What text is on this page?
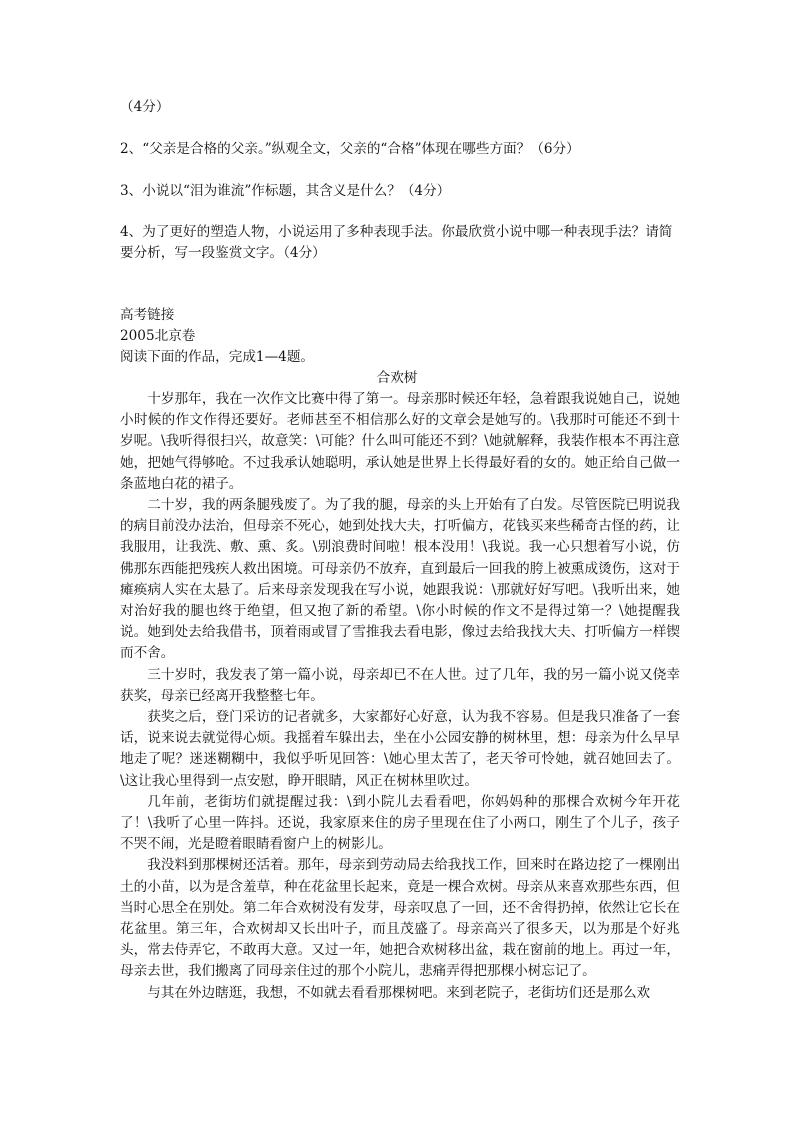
（4分）

2、“父亲是合格的父亲。”纵观全文，父亲的“合格”体现在哪些方面？（6分）

3、小说以“泪为谁流”作标题，其含义是什么？（4分）

4、为了更好的塑造人物，小说运用了多种表现手法。你最欣赏小说中哪一种表现手法？请简要分析，写一段鉴赏文字。（4分）

高考链接

2005北京卷

阅读下面的作品，完成1—4题。

合欢树

十岁那年，我在一次作文比赛中得了第一。母亲那时候还年轻，急着跟我说她自己，说她小时候的作文作得还要好。老师甚至不相信那么好的文章会是她写的。\我那时可能还不到十岁呢。\我听得很扫兴，故意笑：\可能？什么叫可能还不到？\她就解释，我装作根本不再注意她，把她气得够呛。不过我承认她聪明，承认她是世界上长得最好看的女的。她正给自己做一条蓝地白花的裙子。

二十岁，我的两条腿残废了。为了我的腿，母亲的头上开始有了白发。尽管医院已明说我的病目前没办法治，但母亲不死心，她到处找大夫，打听偏方，花钱买来些稀奇古怪的药，让我服用，让我洗、敷、熏、炙。\别浪费时间啦！根本没用！\我说。我一心只想着写小说，仿佛那东西能把残疾人救出困境。可母亲仍不放弃，直到最后一回我的胯上被熏成烫伤，这对于瘫痪病人实在太悬了。后来母亲发现我在写小说，她跟我说：\那就好好写吧。\我听出来，她对治好我的腿也终于绝望，但又抱了新的希望。\你小时候的作文不是得过第一？\她提醒我说。她到处去给我借书，顶着雨或冒了雪推我去看电影，像过去给我找大夫、打听偏方一样锲而不舍。

三十岁时，我发表了第一篇小说，母亲却已不在人世。过了几年，我的另一篇小说又侥幸获奖，母亲已经离开我整整七年。

获奖之后，登门采访的记者就多，大家都好心好意，认为我不容易。但是我只准备了一套话，说来说去就觉得心烦。我摇着车躲出去，坐在小公园安静的树林里，想：母亲为什么早早地走了呢？迷迷糊糊中，我似乎听见回答：\她心里太苦了，老天爷可怜她，就召她回去了。\这让我心里得到一点安慰，睁开眼睛，风正在树林里吹过。

几年前，老街坊们就提醒过我：\到小院儿去看看吧，你妈妈种的那棵合欢树今年开花了！\我听了心里一阵抖。还说，我家原来住的房子里现在住了小两口，刚生了个儿子，孩子不哭不闹，光是瞪着眼睛看窗户上的树影儿。

我没料到那棵树还活着。那年，母亲到劳动局去给我找工作，回来时在路边挖了一棵刚出土的小苗，以为是含羞草，种在花盆里长起来，竟是一棵合欢树。母亲从来喜欢那些东西，但当时心思全在别处。第二年合欢树没有发芽，母亲叹息了一回，还不舍得扔掉，依然让它长在花盆里。第三年，合欢树却又长出叶子，而且茂盛了。母亲高兴了很多天，以为那是个好兆头，常去侍弄它，不敢再大意。又过一年，她把合欢树移出盆，栽在窗前的地上。再过一年，母亲去世，我们搬离了同母亲住过的那个小院儿，悲痛弄得把那棵小树忘记了。

与其在外边瞎逛，我想，不如就去看看那棵树吧。来到老院子，老街坊们还是那么欢
